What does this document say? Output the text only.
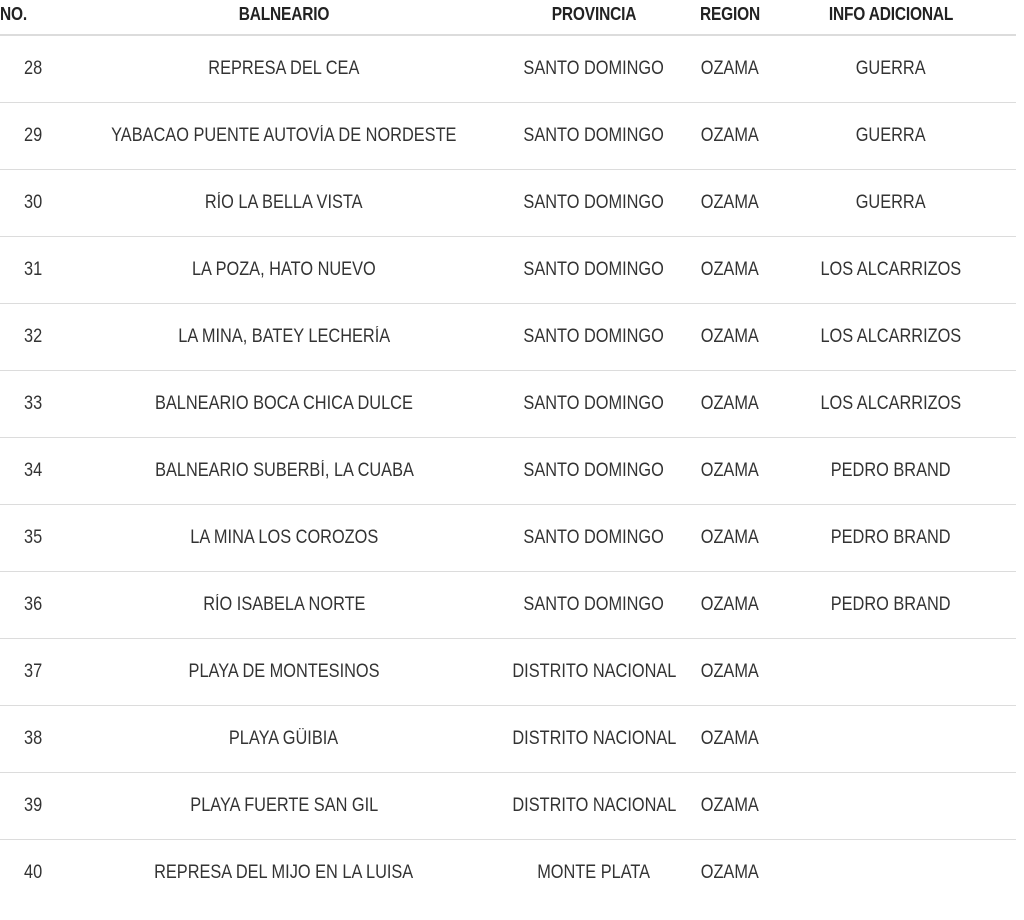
NO.	BALNEARIO	PROVINCIA	REGION	INFO ADICIONAL
28	REPRESA DEL CEA	SANTO DOMINGO	OZAMA	GUERRA
29	YABACAO PUENTE AUTOVÍA DE NORDESTE	SANTO DOMINGO	OZAMA	GUERRA
30	RÍO LA BELLA VISTA	SANTO DOMINGO	OZAMA	GUERRA
31	LA POZA, HATO NUEVO	SANTO DOMINGO	OZAMA	LOS ALCARRIZOS
32	LA MINA, BATEY LECHERÍA	SANTO DOMINGO	OZAMA	LOS ALCARRIZOS
33	BALNEARIO BOCA CHICA DULCE	SANTO DOMINGO	OZAMA	LOS ALCARRIZOS
34	BALNEARIO SUBERBÍ, LA CUABA	SANTO DOMINGO	OZAMA	PEDRO BRAND
35	LA MINA LOS COROZOS	SANTO DOMINGO	OZAMA	PEDRO BRAND
36	RÍO ISABELA NORTE	SANTO DOMINGO	OZAMA	PEDRO BRAND
37	PLAYA DE MONTESINOS	DISTRITO NACIONAL	OZAMA	
38	PLAYA GÜIBIA	DISTRITO NACIONAL	OZAMA	
39	PLAYA FUERTE SAN GIL	DISTRITO NACIONAL	OZAMA	
40	REPRESA DEL MIJO EN LA LUISA	MONTE PLATA	OZAMA	
